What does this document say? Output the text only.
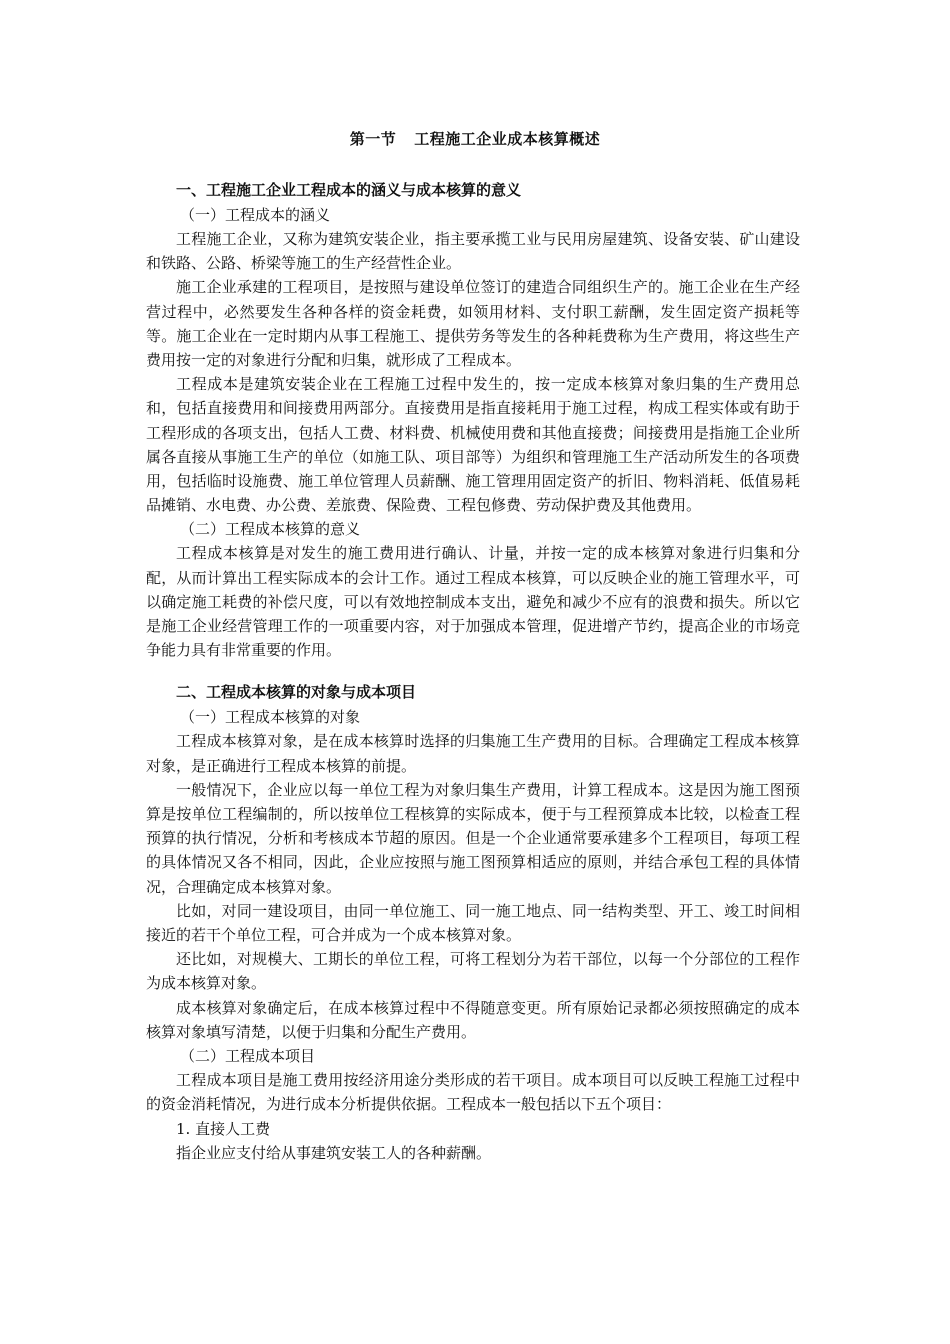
第一节 工程施工企业成本核算概述

一、工程施工企业工程成本的涵义与成本核算的意义

（一）工程成本的涵义

工程施工企业，又称为建筑安装企业，指主要承揽工业与民用房屋建筑、设备安装、矿山建设和铁路、公路、桥梁等施工的生产经营性企业。

施工企业承建的工程项目，是按照与建设单位签订的建造合同组织生产的。施工企业在生产经营过程中，必然要发生各种各样的资金耗费，如领用材料、支付职工薪酬，发生固定资产损耗等等。施工企业在一定时期内从事工程施工、提供劳务等发生的各种耗费称为生产费用，将这些生产费用按一定的对象进行分配和归集，就形成了工程成本。

工程成本是建筑安装企业在工程施工过程中发生的，按一定成本核算对象归集的生产费用总和，包括直接费用和间接费用两部分。直接费用是指直接耗用于施工过程，构成工程实体或有助于工程形成的各项支出，包括人工费、材料费、机械使用费和其他直接费；间接费用是指施工企业所属各直接从事施工生产的单位（如施工队、项目部等）为组织和管理施工生产活动所发生的各项费用，包括临时设施费、施工单位管理人员薪酬、施工管理用固定资产的折旧、物料消耗、低值易耗品摊销、水电费、办公费、差旅费、保险费、工程包修费、劳动保护费及其他费用。

（二）工程成本核算的意义

工程成本核算是对发生的施工费用进行确认、计量，并按一定的成本核算对象进行归集和分配，从而计算出工程实际成本的会计工作。通过工程成本核算，可以反映企业的施工管理水平，可以确定施工耗费的补偿尺度，可以有效地控制成本支出，避免和减少不应有的浪费和损失。所以它是施工企业经营管理工作的一项重要内容，对于加强成本管理，促进增产节约，提高企业的市场竞争能力具有非常重要的作用。

二、工程成本核算的对象与成本项目

（一）工程成本核算的对象

工程成本核算对象，是在成本核算时选择的归集施工生产费用的目标。合理确定工程成本核算对象，是正确进行工程成本核算的前提。

一般情况下，企业应以每一单位工程为对象归集生产费用，计算工程成本。这是因为施工图预算是按单位工程编制的，所以按单位工程核算的实际成本，便于与工程预算成本比较，以检查工程预算的执行情况，分析和考核成本节超的原因。但是一个企业通常要承建多个工程项目，每项工程的具体情况又各不相同，因此，企业应按照与施工图预算相适应的原则，并结合承包工程的具体情况，合理确定成本核算对象。

比如，对同一建设项目，由同一单位施工、同一施工地点、同一结构类型、开工、竣工时间相接近的若干个单位工程，可合并成为一个成本核算对象。

还比如，对规模大、工期长的单位工程，可将工程划分为若干部位，以每一个分部位的工程作为成本核算对象。

成本核算对象确定后，在成本核算过程中不得随意变更。所有原始记录都必须按照确定的成本核算对象填写清楚，以便于归集和分配生产费用。

（二）工程成本项目

工程成本项目是施工费用按经济用途分类形成的若干项目。成本项目可以反映工程施工过程中的资金消耗情况，为进行成本分析提供依据。工程成本一般包括以下五个项目：

1. 直接人工费

指企业应支付给从事建筑安装工人的各种薪酬。
